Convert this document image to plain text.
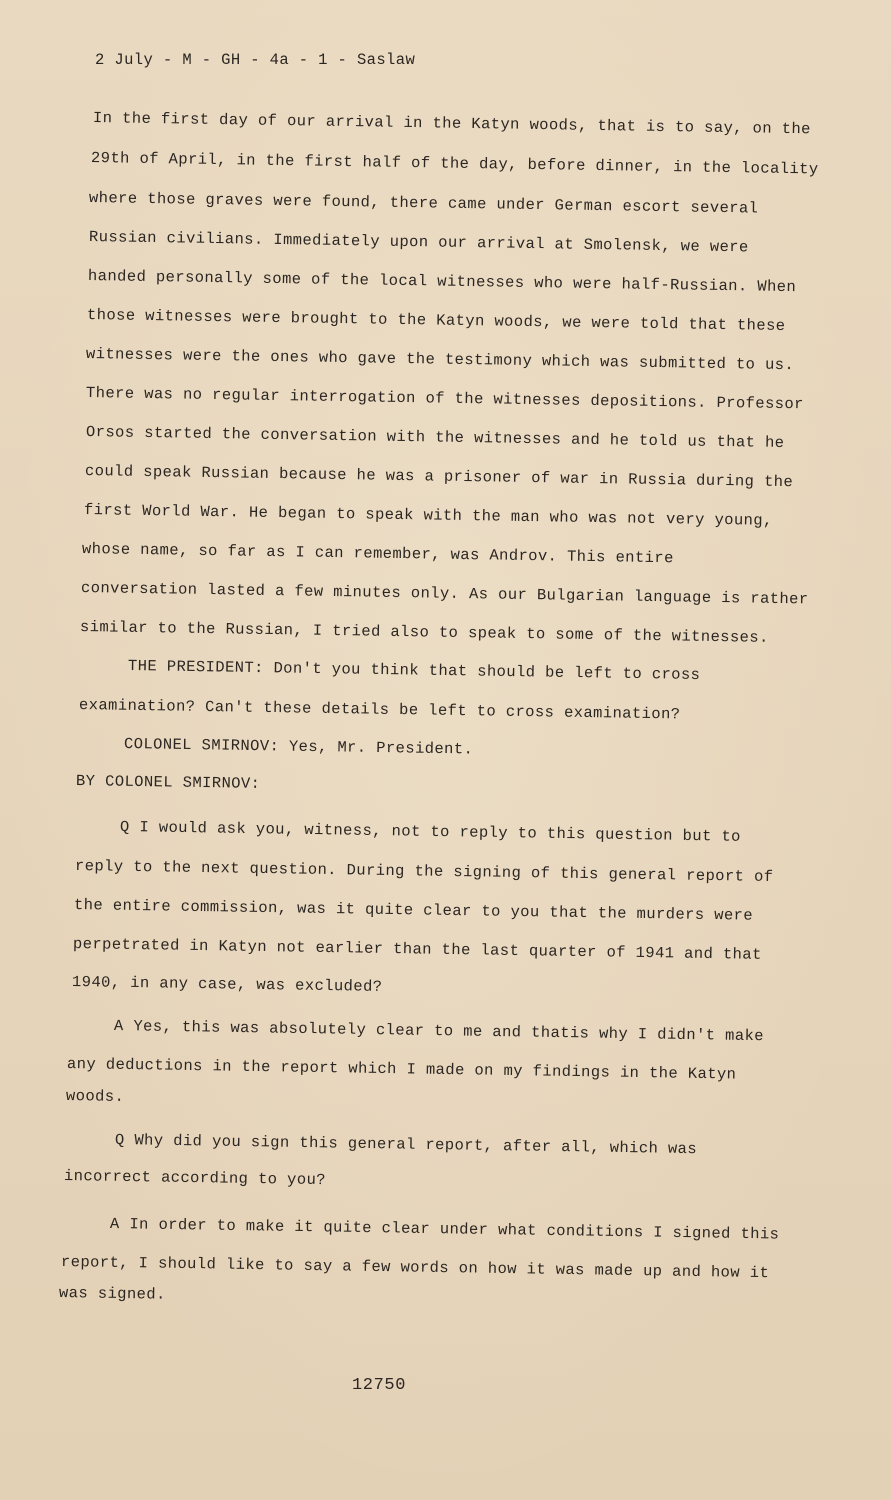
2 July - M - GH - 4a - 1 - Saslaw
In the first day of our arrival in the Katyn woods, that is to say, on the
29th of April, in the first half of the day, before dinner, in the locality
where those graves were found, there came under German escort several
Russian civilians. Immediately upon our arrival at Smolensk, we were
handed personally some of the local witnesses who were half-Russian. When
those witnesses were brought to the Katyn woods, we were told that these
witnesses were the ones who gave the testimony which was submitted to us.
There was no regular interrogation of the witnesses depositions. Professor
Orsos started the conversation with the witnesses and he told us that he
could speak Russian because he was a prisoner of war in Russia during the
first World War. He began to speak with the man who was not very young,
whose name, so far as I can remember, was Androv. This entire
conversation lasted a few minutes only. As our Bulgarian language is rather
similar to the Russian, I tried also to speak to some of the witnesses.
THE PRESIDENT: Don't you think that should be left to cross
examination? Can't these details be left to cross examination?
COLONEL SMIRNOV: Yes, Mr. President.
BY COLONEL SMIRNOV:
Q I would ask you, witness, not to reply to this question but to
reply to the next question. During the signing of this general report of
the entire commission, was it quite clear to you that the murders were
perpetrated in Katyn not earlier than the last quarter of 1941 and that
1940, in any case, was excluded?
A Yes, this was absolutely clear to me and thatis why I didn't make
any deductions in the report which I made on my findings in the Katyn
woods.
Q Why did you sign this general report, after all, which was
incorrect according to you?
A In order to make it quite clear under what conditions I signed this
report, I should like to say a few words on how it was made up and how it
was signed.
12750
